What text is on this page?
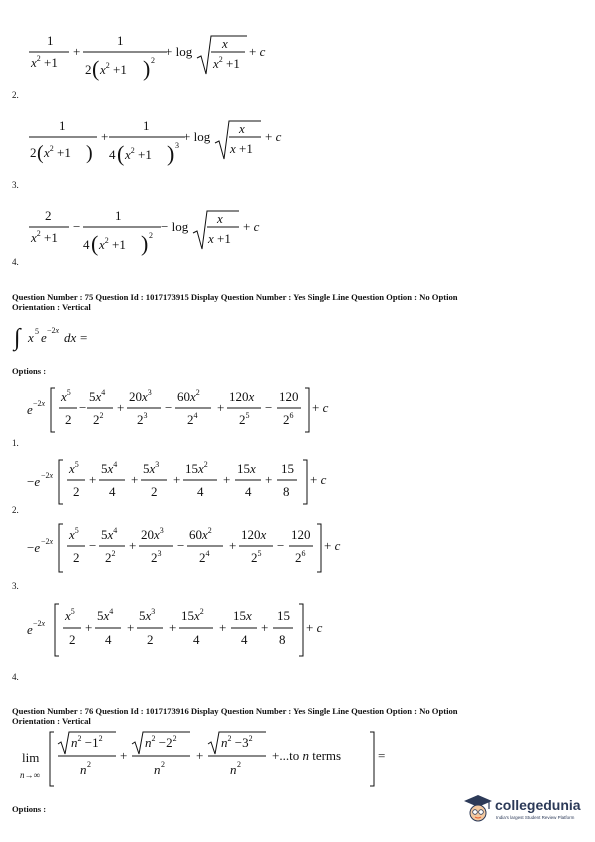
1
$x^2 +1$
+
1
2 ( $x^2 +1$ ) 2
+ log
x
$x^2 +1$
+ c
2.
1
2 ( $x^2 +1$ )
+
1
4 ( $x^2 +1$ ) 3
+ log
x
x +1
+ c
3.
2
$x^2 +1$
−
1
4 ( $x^2 +1$ ) 2
− log
x
x +1
+ c
4.
Question Number : 75 Question Id : 1017173915 Display Question Number : Yes Single Line Question Option : No Option
Orientation : Vertical
∫ x 5 e −2x dx =
Options :
e −2x $x^5$
2
−
$5x^4$
$2^2$
+
$20x^3$
$2^3$
−
$60x^2$
$2^4$
+
120x
$2^5$
−
120
$2^6$
+ c
1.
−e −2x $x^5$
2
+
$5x^4$
4
+
$5x^3$
2
+
$15x^2$
4
+
15x
4
+
15
8
+ c
2.
−e −2x $x^5$
2
−
$5x^4$
$2^2$
+
$20x^3$
$2^3$
−
$60x^2$
$2^4$
+
120x
$2^5$
−
120
$2^6$
+ c
3.
e −2x
$x^5$
2
+
$5x^4$
4
+
$5x^3$
2
+
$15x^2$
4
+
15x
4
+
15
8
+ c
4.
Question Number : 76 Question Id : 1017173916 Display Question Number : Yes Single Line Question Option : No Option
Orientation : Vertical
lim
n→∞
$n^2 -1^2$
n 2
+
$n^2 -2^2$
n 2
+
$n^2 -3^2$
n 2
+...to n terms	=
Options :	collegedunia
India's largest Student Review Platform
